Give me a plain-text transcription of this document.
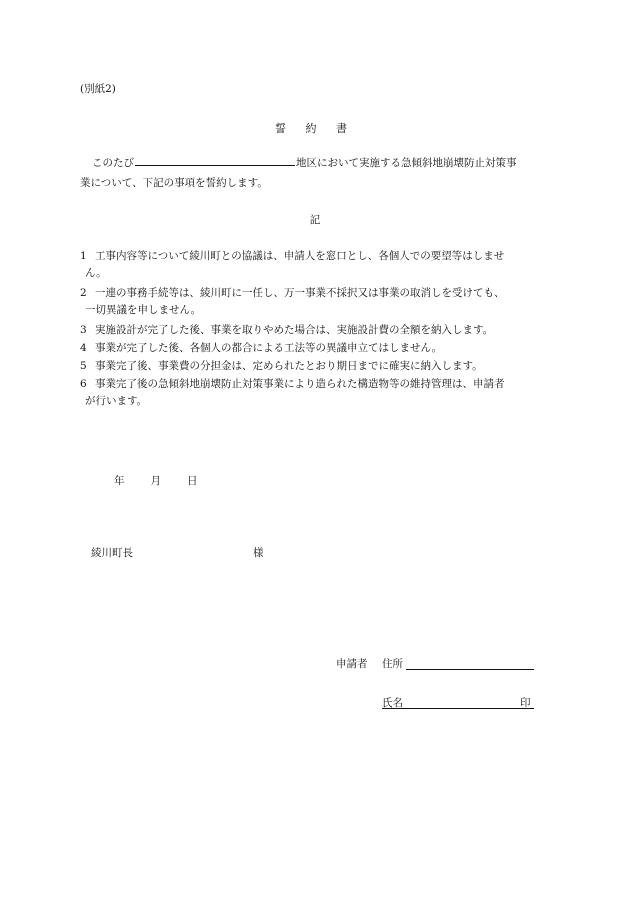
(別紙2)
誓 約 書
このたび	地区において実施する急傾斜地崩壊防止対策事
業について、下記の事項を誓約します。
記
1 工事内容等について綾川町との協議は、申請人を窓口とし、各個人での要望等はしませ
ん。
2 一連の事務手続等は、綾川町に一任し、万一事業不採択又は事業の取消しを受けても、
一切異議を申しません。
3 実施設計が完了した後、事業を取りやめた場合は、実施設計費の全額を納入します。
4 事業が完了した後、各個人の都合による工法等の異議申立てはしません。
5 事業完了後、事業費の分担金は、定められたとおり期日までに確実に納入します。
6 事業完了後の急傾斜地崩壊防止対策事業により造られた構造物等の維持管理は、申請者
が行います。
年 月 日
綾川町長	様
申請者 住所
氏名	印
